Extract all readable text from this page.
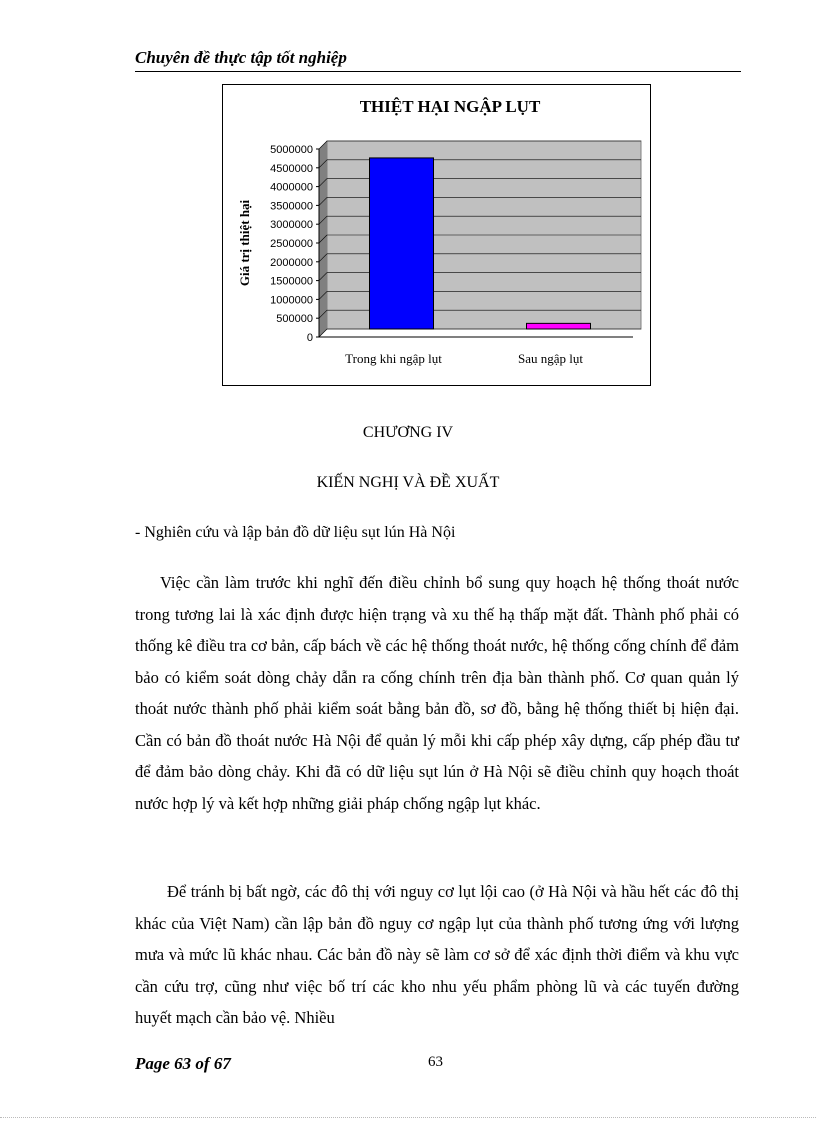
Chuyên đề thực tập tốt nghiệp
THIỆT HẠI NGẬP LỤT
5000000
4500000
4000000
3500000
3000000
2500000
2000000
1500000
1000000
500000
0
Trong khi ngập lụt	Sau ngập lụt
Giá trị thiệt hại
CHƯƠNG IV
KIẾN NGHỊ VÀ ĐỀ XUẤT
- Nghiên cứu và lập bản đồ dữ liệu sụt lún Hà Nội

Việc cần làm trước khi nghĩ đến điều chỉnh bổ sung quy hoạch hệ thống thoát nước trong tương lai là xác định được hiện trạng và xu thế hạ thấp mặt đất. Thành phố phải có thống kê điều tra cơ bản, cấp bách về các hệ thống thoát nước, hệ thống cống chính để đảm bảo có kiểm soát dòng chảy dẫn ra cống chính trên địa bàn thành phố. Cơ quan quản lý thoát nước thành phố phải kiểm soát bằng bản đồ, sơ đồ, bằng hệ thống thiết bị hiện đại. Cần có bản đồ thoát nước Hà Nội để quản lý mỗi khi cấp phép xây dựng, cấp phép đầu tư để đảm bảo dòng chảy. Khi đã có dữ liệu sụt lún ở Hà Nội sẽ điều chỉnh quy hoạch thoát nước hợp lý và kết hợp những giải pháp chống ngập lụt khác.

Để tránh bị bất ngờ, các đô thị với nguy cơ lụt lội cao (ở Hà Nội và hầu hết các đô thị khác của Việt Nam) cần lập bản đồ nguy cơ ngập lụt của thành phố tương ứng với lượng mưa và mức lũ khác nhau. Các bản đồ này sẽ làm cơ sở để xác định thời điểm và khu vực cần cứu trợ, cũng như việc bố trí các kho nhu yếu phẩm phòng lũ và các tuyến đường huyết mạch cần bảo vệ. Nhiều

Page 63 of 67	63
